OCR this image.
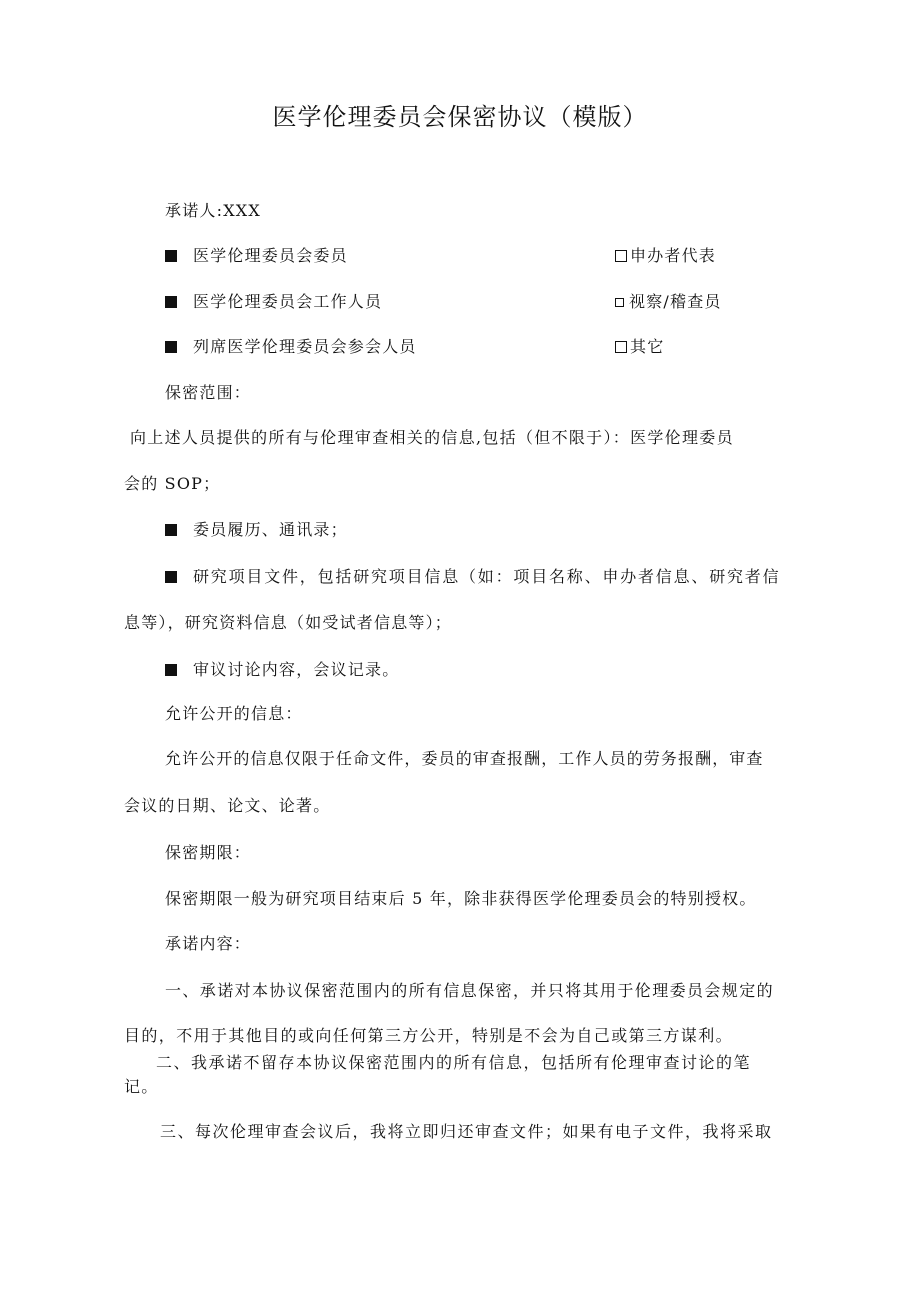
医学伦理委员会保密协议（模版）
承诺人:XXX
医学伦理委员会委员
医学伦理委员会工作人员
列席医学伦理委员会参会人员
申办者代表
视察/稽查员
其它
保密范围：
向上述人员提供的所有与伦理审查相关的信息,包括（但不限于）：医学伦理委员
会的 SOP；
委员履历、通讯录；
研究项目文件，包括研究项目信息（如：项目名称、申办者信息、研究者信
息等），研究资料信息（如受试者信息等）；
审议讨论内容，会议记录。
允许公开的信息：
允许公开的信息仅限于任命文件，委员的审查报酬，工作人员的劳务报酬，审查
会议的日期、论文、论著。
保密期限：
保密期限一般为研究项目结束后 5 年，除非获得医学伦理委员会的特别授权。
承诺内容：
一、承诺对本协议保密范围内的所有信息保密，并只将其用于伦理委员会规定的
目的，不用于其他目的或向任何第三方公开，特别是不会为自己或第三方谋利。
二、我承诺不留存本协议保密范围内的所有信息，包括所有伦理审查讨论的笔
记。
三、每次伦理审查会议后，我将立即归还审查文件；如果有电子文件，我将采取
